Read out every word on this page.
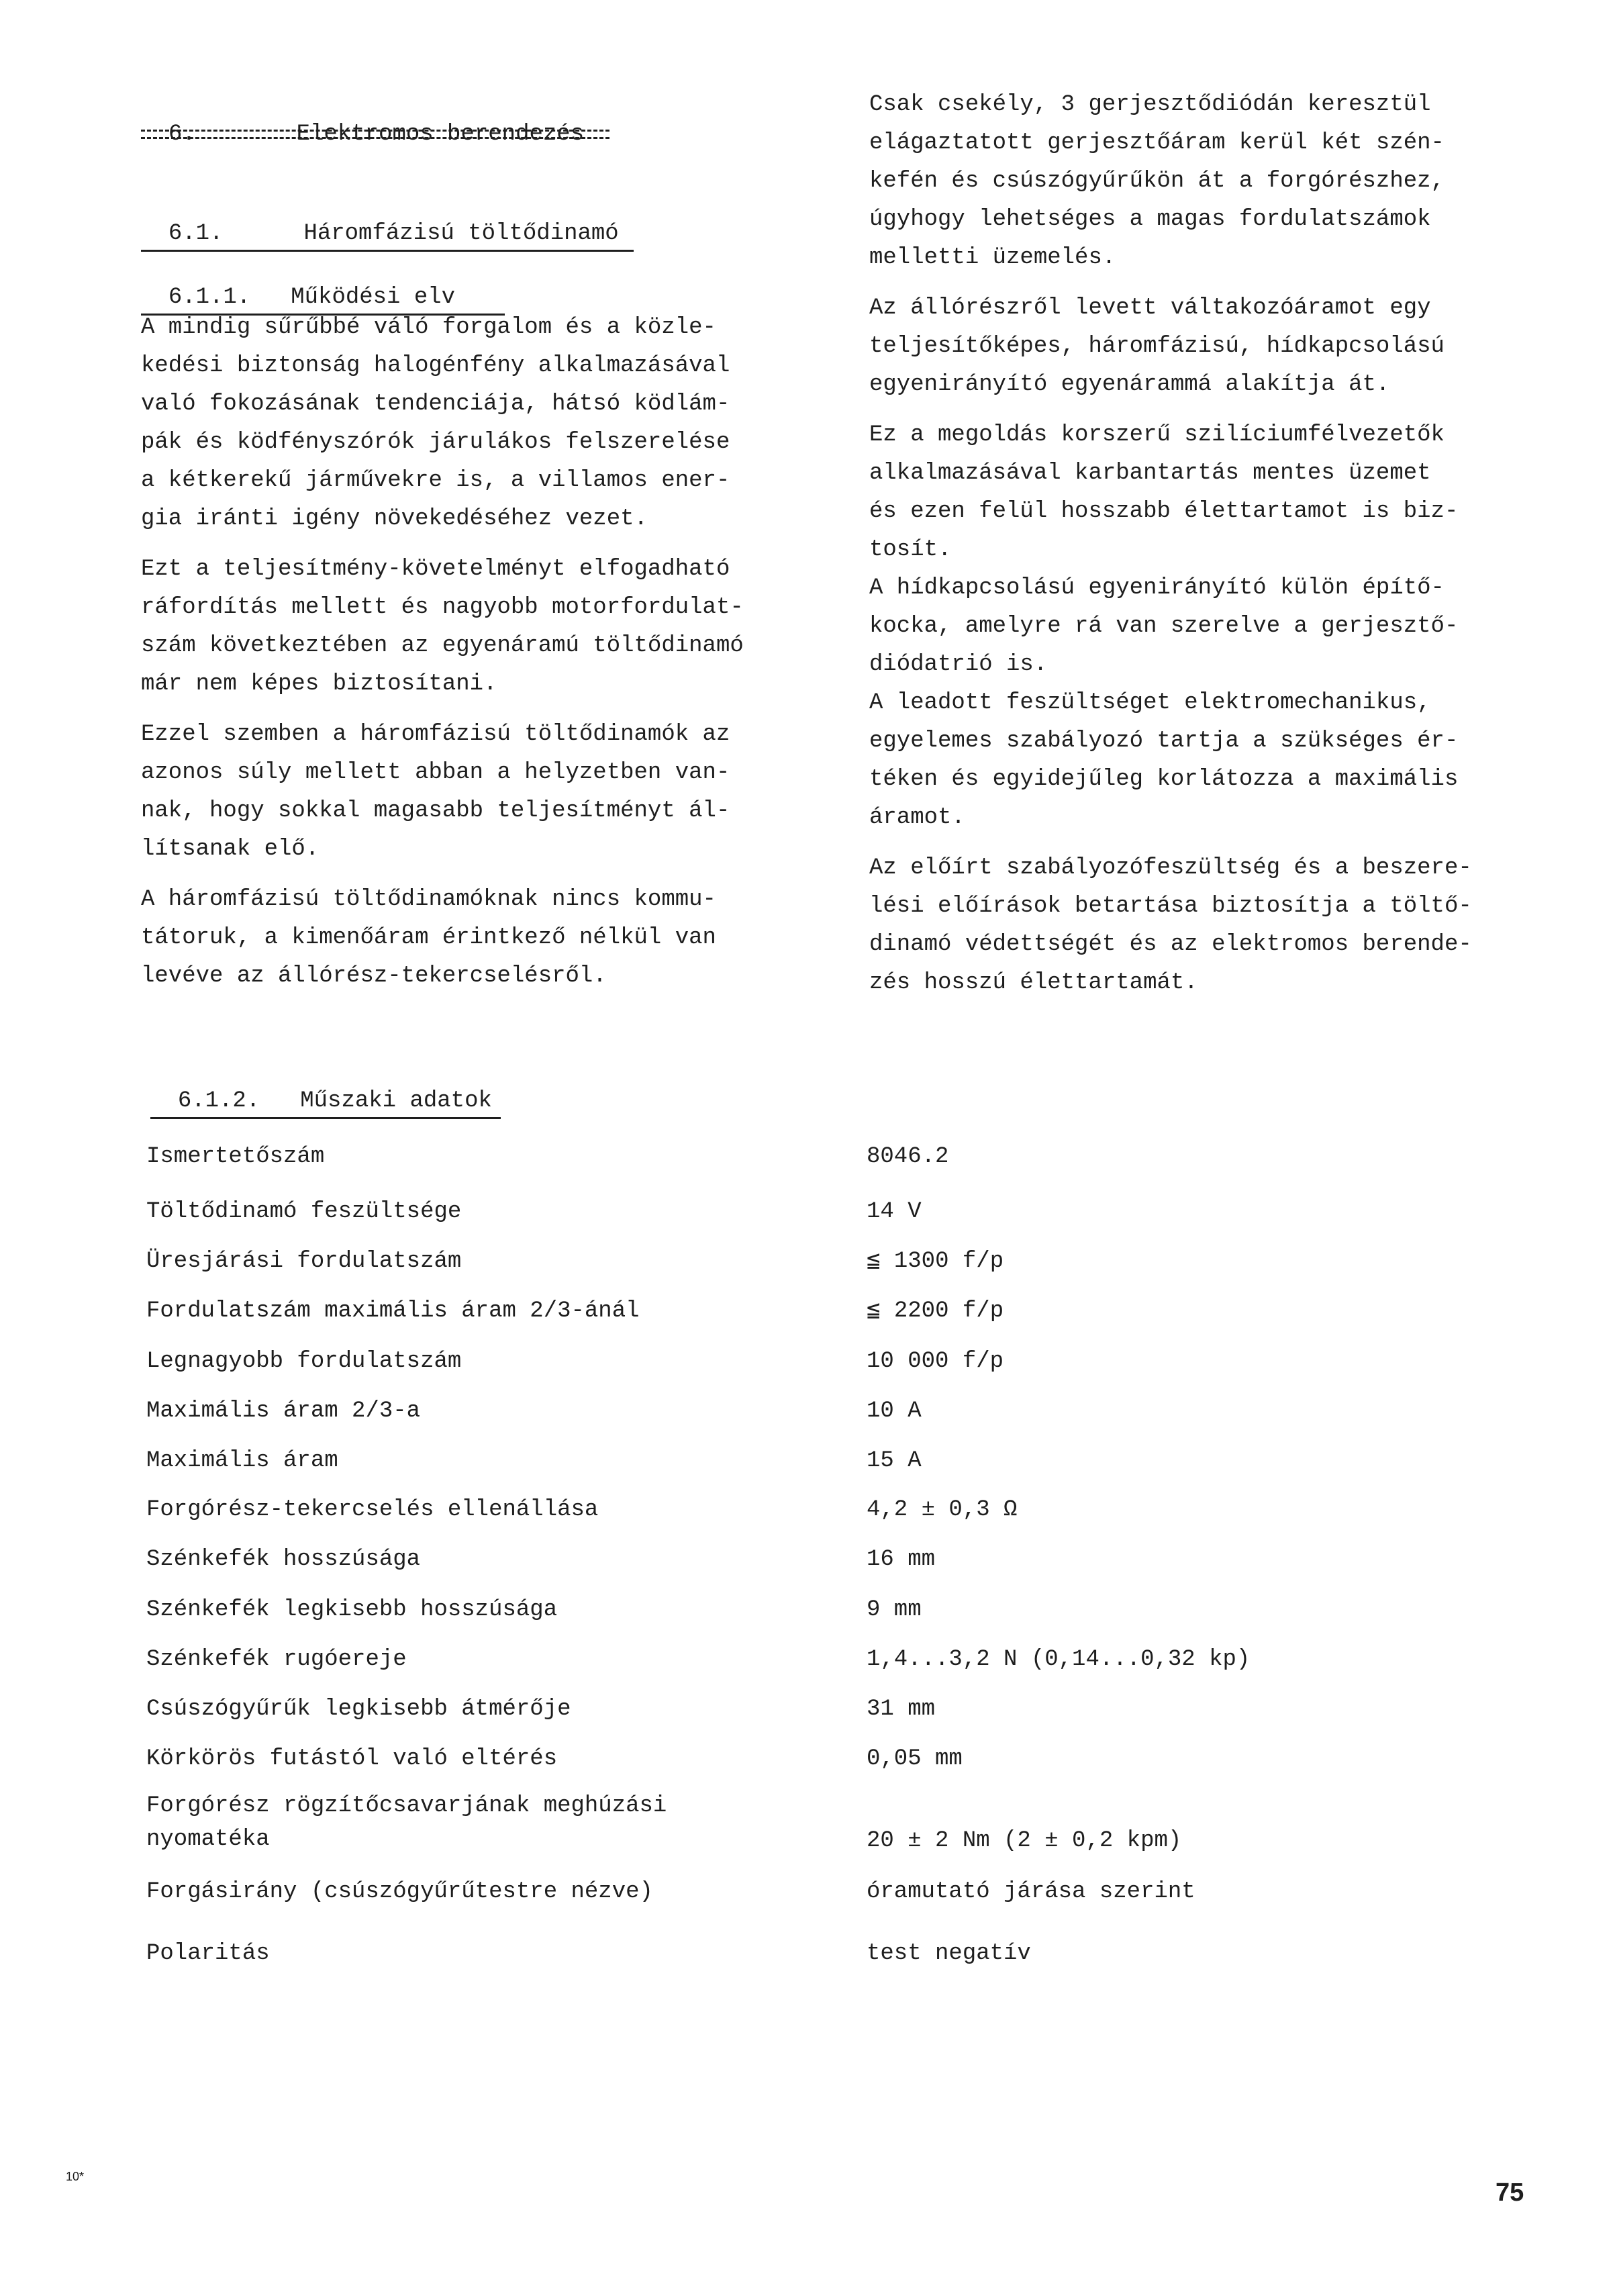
6.	Elektromos berendezés

6.1.	Háromfázisú töltődinamó

6.1.1. Működési elv

A mindig sűrűbbé váló forgalom és a közle-
kedési biztonság halogénfény alkalmazásával
való fokozásának tendenciája, hátsó ködlám-
pák és ködfényszórók járulákos felszerelése
a kétkerekű járművekre is, a villamos ener-
gia iránti igény növekedéséhez vezet.

Ezt a teljesítmény-követelményt elfogadható
ráfordítás mellett és nagyobb motorfordulat-
szám következtében az egyenáramú töltődinamó
már nem képes biztosítani.

Ezzel szemben a háromfázisú töltődinamók az
azonos súly mellett abban a helyzetben van-
nak, hogy sokkal magasabb teljesítményt ál-
lítsanak elő.

A háromfázisú töltődinamóknak nincs kommu-
tátoruk, a kimenőáram érintkező nélkül van
levéve az állórész-tekercselésről.

Csak csekély, 3 gerjesztődiódán keresztül
elágaztatott gerjesztőáram kerül két szén-
kefén és csúszógyűrűkön át a forgórészhez,
úgyhogy lehetséges a magas fordulatszámok
melletti üzemelés.

Az állórészről levett váltakozóáramot egy
teljesítőképes, háromfázisú, hídkapcsolású
egyenirányító egyenárammá alakítja át.

Ez a megoldás korszerű szilíciumfélvezetők
alkalmazásával karbantartás mentes üzemet
és ezen felül hosszabb élettartamot is biz-
tosít.
A hídkapcsolású egyenirányító külön építő-
kocka, amelyre rá van szerelve a gerjesztő-
diódatrió is.
A leadott feszültséget elektromechanikus,
egyelemes szabályozó tartja a szükséges ér-
téken és egyidejűleg korlátozza a maximális
áramot.

Az előírt szabályozófeszültség és a beszere-
lési előírások betartása biztosítja a töltő-
dinamó védettségét és az elektromos berende-
zés hosszú élettartamát.

6.1.2. Műszaki adatok

Ismertetőszám	8046.2
Töltődinamó feszültsége	14 V
Üresjárási fordulatszám	≦ 1300 f/p
Fordulatszám maximális áram 2/3-ánál	≦ 2200 f/p
Legnagyobb fordulatszám	10 000 f/p
Maximális áram 2/3-a	10 A
Maximális áram	15 A
Forgórész-tekercselés ellenállása	4,2 ± 0,3 Ω
Szénkefék hosszúsága	16 mm
Szénkefék legkisebb hosszúsága	9 mm
Szénkefék rugóereje	1,4...3,2 N (0,14...0,32 kp)
Csúszógyűrűk legkisebb átmérője	31 mm
Körkörös futástól való eltérés	0,05 mm
Forgórész rögzítőcsavarjának meghúzási
nyomatéka	20 ± 2 Nm (2 ± 0,2 kpm)
Forgásirány (csúszógyűrűtestre nézve)	óramutató járása szerint
Polaritás	test negatív
10*
75
